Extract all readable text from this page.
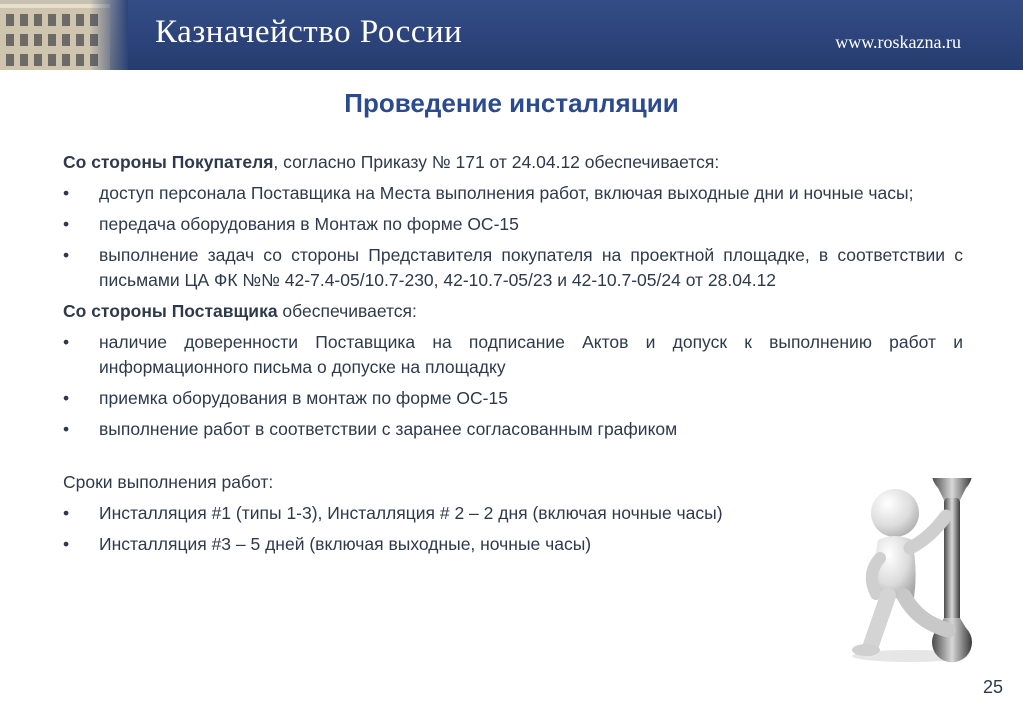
Казначейство России	www.roskazna.ru
Проведение инсталляции
Со стороны Покупателя, согласно Приказу № 171 от 24.04.12 обеспечивается:
• доступ персонала Поставщика на Места выполнения работ, включая выходные дни и ночные часы;
• передача оборудования в Монтаж по форме ОС-15
• выполнение задач со стороны Представителя покупателя на проектной площадке, в соответствии с письмами ЦА ФК №№ 42-7.4-05/10.7-230, 42-10.7-05/23 и 42-10.7-05/24 от 28.04.12
Со стороны Поставщика обеспечивается:
• наличие доверенности Поставщика на подписание Актов и допуск к выполнению работ и информационного письма о допуске на площадку
• приемка оборудования в монтаж по форме ОС-15
• выполнение работ в соответствии с заранее согласованным графиком
Сроки выполнения работ:
• Инсталляция #1 (типы 1-3), Инсталляция # 2 – 2 дня (включая ночные часы)
• Инсталляция #3 – 5 дней (включая выходные, ночные часы)
25
